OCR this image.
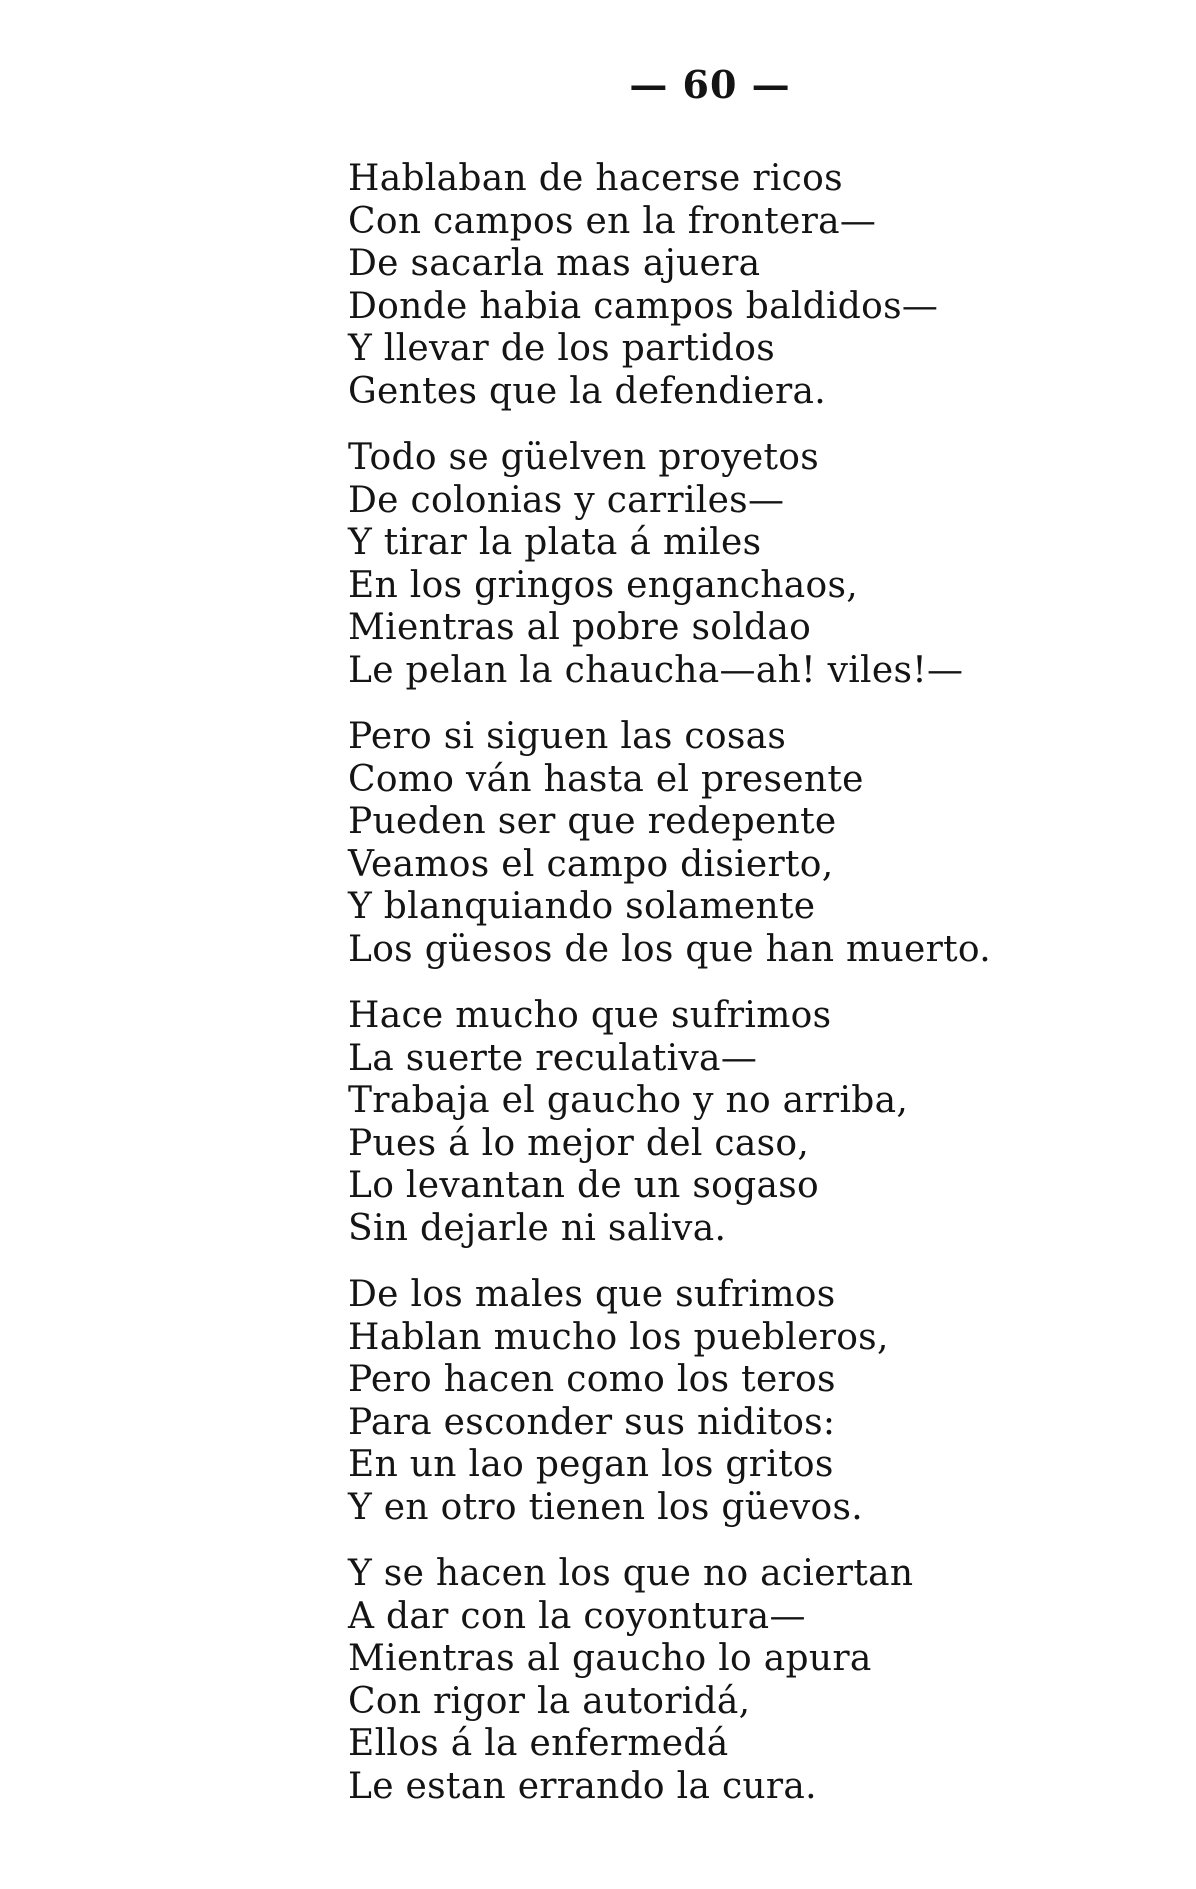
— 60 —
Hablaban de hacerse ricos
Con campos en la frontera—
De sacarla mas ajuera
Donde habia campos baldidos—
Y llevar de los partidos
Gentes que la defendiera.
Todo se güelven proyetos
De colonias y carriles—
Y tirar la plata á miles
En los gringos enganchaos,
Mientras al pobre soldao
Le pelan la chaucha—ah! viles!—
Pero si siguen las cosas
Como ván hasta el presente
Pueden ser que redepente
Veamos el campo disierto,
Y blanquiando solamente
Los güesos de los que han muerto.
Hace mucho que sufrimos
La suerte reculativa—
Trabaja el gaucho y no arriba,
Pues á lo mejor del caso,
Lo levantan de un sogaso
Sin dejarle ni saliva.
De los males que sufrimos
Hablan mucho los puebleros,
Pero hacen como los teros
Para esconder sus niditos:
En un lao pegan los gritos
Y en otro tienen los güevos.
Y se hacen los que no aciertan
A dar con la coyontura—
Mientras al gaucho lo apura
Con rigor la autoridá,
Ellos á la enfermedá
Le estan errando la cura.
